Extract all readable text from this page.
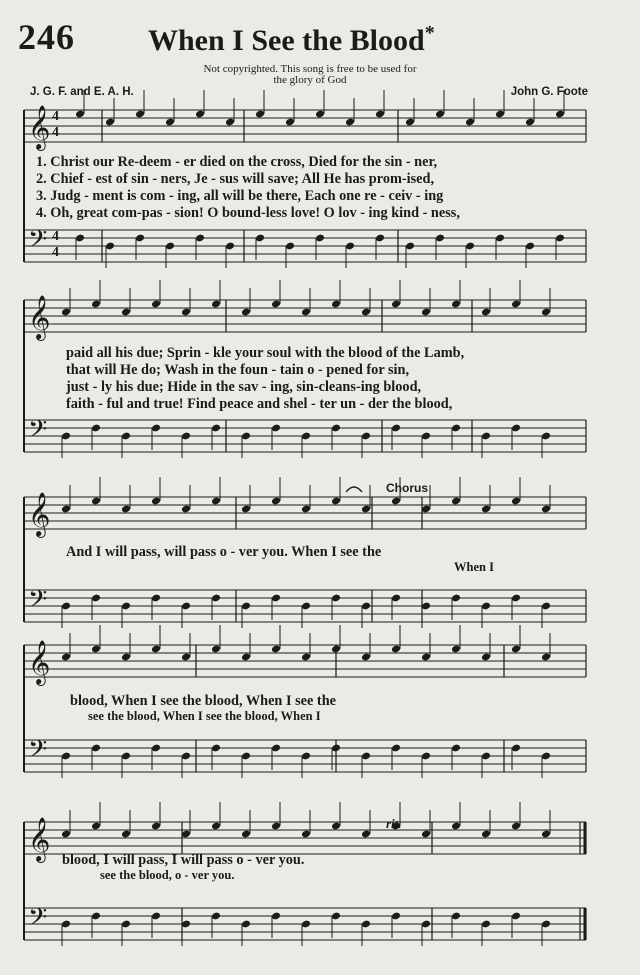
246 When I See the Blood*
Not copyrighted. This song is free to be used for
the glory of God
J. G. F. and E. A. H.	John G. Foote
𝄞
𝄢
𝄞
𝄢
𝄞
𝄢
𝄞
𝄢
𝄞
𝄢
4
4
4
4
1. Christ our Re-deem - er died on the cross, Died for the sin - ner,
2. Chief - est of sin - ners, Je - sus will save; All He has prom-ised,
3. Judg - ment is com - ing, all will be there, Each one re - ceiv - ing
4. Oh, great com-pas - sion! O bound-less love! O lov - ing kind - ness,
paid all his due; Sprin - kle your soul with the blood of the Lamb,
that will He do; Wash in the foun - tain o - pened for sin,
just - ly his due; Hide in the sav - ing, sin-cleans-ing blood,
faith - ful and true! Find peace and shel - ter un - der the blood,
Chorus
And I will pass, will pass o - ver you. When I see the
When I
blood, When I see the blood, When I see the
see the blood, When I see the blood, When I
rit.
blood, I will pass, I will pass o - ver you.
see the blood, o - ver you.
